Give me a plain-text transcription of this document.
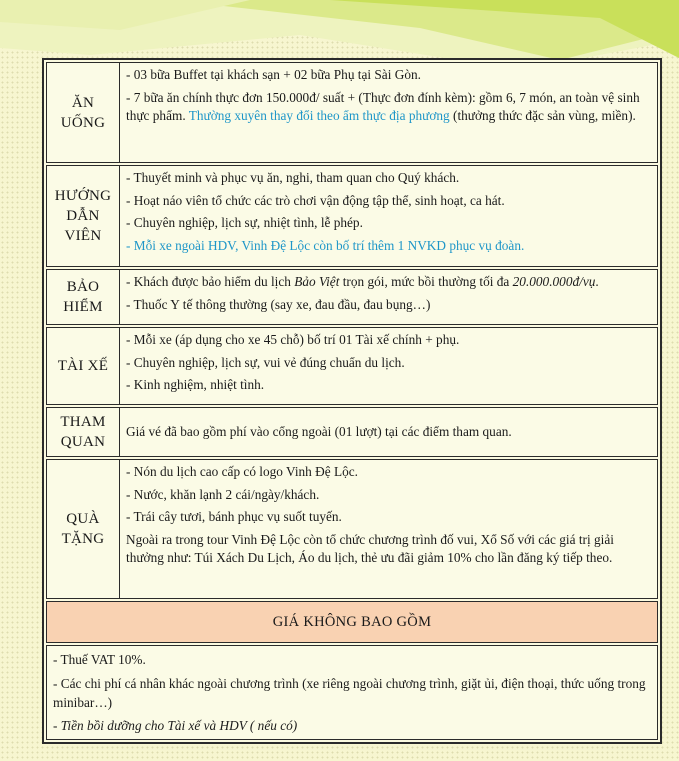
ĂN
UỐNG

- 03 bữa Buffet tại khách sạn + 02 bữa Phụ tại Sài Gòn.

- 7 bữa ăn chính thực đơn 150.000đ/ suất + (Thực đơn đính kèm): gồm 6, 7 món, an toàn vệ sinh thực phẩm. Thường xuyên thay đổi theo ẩm thực địa phương (thưởng thức đặc sản vùng, miền).

HƯỚNG
DẪN
VIÊN

- Thuyết minh và phục vụ ăn, nghi, tham quan cho Quý khách.

- Hoạt náo viên tổ chức các trò chơi vận động tập thể, sinh hoạt, ca hát.

- Chuyên nghiệp, lịch sự, nhiệt tình, lễ phép.

- Mỗi xe ngoài HDV, Vinh Đệ Lộc còn bố trí thêm 1 NVKD phục vụ đoàn.

BẢO
HIỂM

- Khách được bảo hiểm du lịch Bảo Việt trọn gói, mức bồi thường tối đa 20.000.000đ/vụ.

- Thuốc Y tế thông thường (say xe, đau đầu, đau bụng…)

TÀI XẾ

- Mỗi xe (áp dụng cho xe 45 chỗ) bố trí 01 Tài xế chính + phụ.

- Chuyên nghiệp, lịch sự, vui vẻ đúng chuẩn du lịch.

- Kinh nghiệm, nhiệt tình.

THAM
QUAN

Giá vé đã bao gồm phí vào cổng ngoài (01 lượt) tại các điểm tham quan.

QUÀ
TẶNG

- Nón du lịch cao cấp có logo Vinh Đệ Lộc.

- Nước, khăn lạnh 2 cái/ngày/khách.

- Trái cây tươi, bánh phục vụ suốt tuyến.

Ngoài ra trong tour Vinh Đệ Lộc còn tổ chức chương trình đố vui, Xổ Số với các giá trị giải thưởng như: Túi Xách Du Lịch, Áo du lịch, thẻ ưu đãi giảm 10% cho lần đăng ký tiếp theo.

GIÁ KHÔNG BAO GỒM

- Thuế VAT 10%.

- Các chi phí cá nhân khác ngoài chương trình (xe riêng ngoài chương trình, giặt ủi, điện thoại, thức uống trong minibar…)

- Tiền bồi dưỡng cho Tài xế và HDV ( nếu có)
